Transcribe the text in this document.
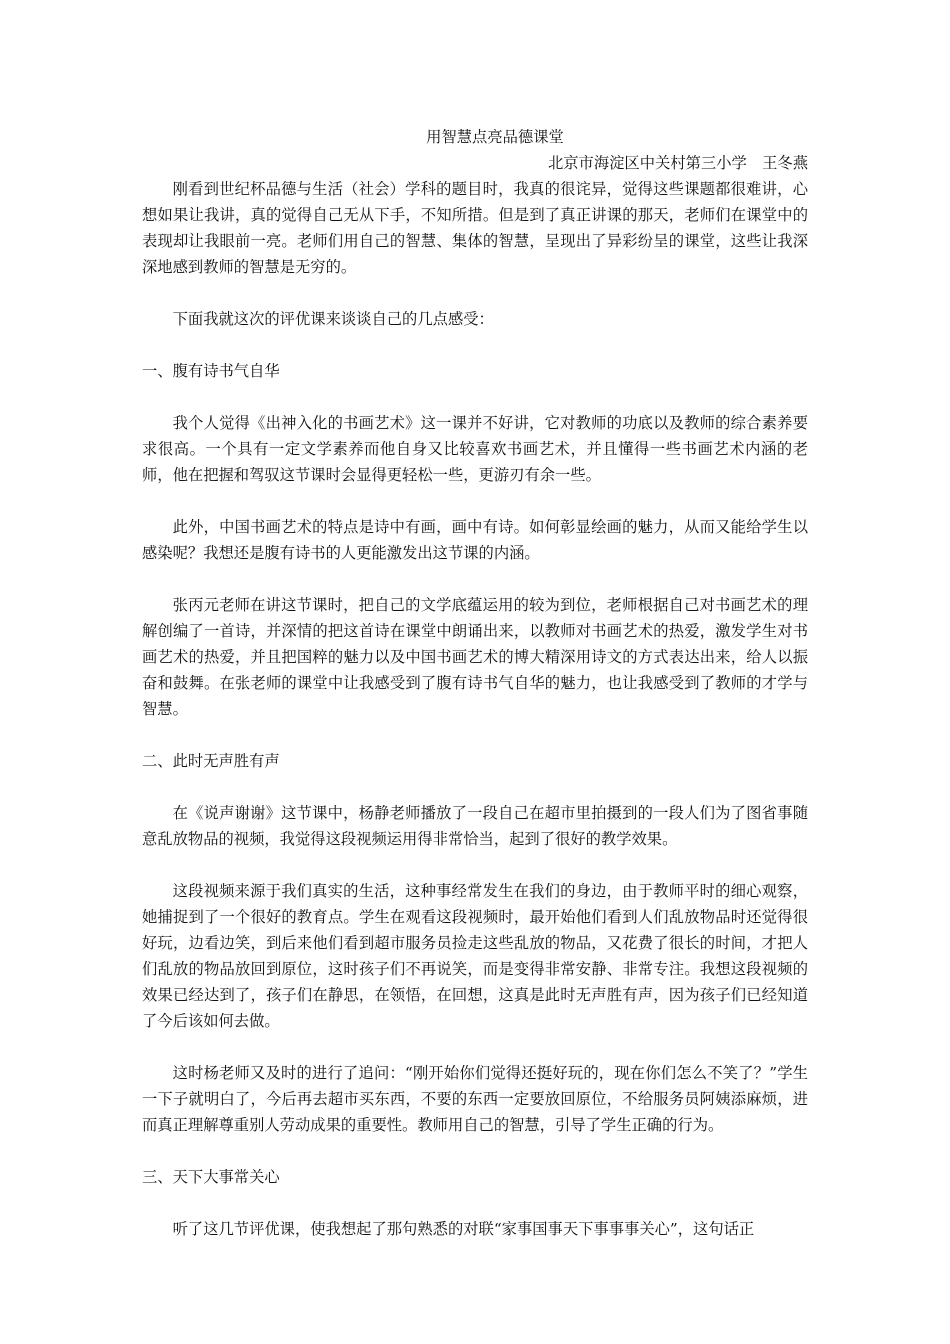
用智慧点亮品德课堂

北京市海淀区中关村第三小学　王冬燕

刚看到世纪杯品德与生活（社会）学科的题目时，我真的很诧异，觉得这些课题都很难讲，心想如果让我讲，真的觉得自己无从下手，不知所措。但是到了真正讲课的那天，老师们在课堂中的表现却让我眼前一亮。老师们用自己的智慧、集体的智慧，呈现出了异彩纷呈的课堂，这些让我深深地感到教师的智慧是无穷的。

下面我就这次的评优课来谈谈自己的几点感受：

一、腹有诗书气自华

我个人觉得《出神入化的书画艺术》这一课并不好讲，它对教师的功底以及教师的综合素养要求很高。一个具有一定文学素养而他自身又比较喜欢书画艺术，并且懂得一些书画艺术内涵的老师，他在把握和驾驭这节课时会显得更轻松一些，更游刃有余一些。

此外，中国书画艺术的特点是诗中有画，画中有诗。如何彰显绘画的魅力，从而又能给学生以感染呢？我想还是腹有诗书的人更能激发出这节课的内涵。

张丙元老师在讲这节课时，把自己的文学底蕴运用的较为到位，老师根据自己对书画艺术的理解创编了一首诗，并深情的把这首诗在课堂中朗诵出来，以教师对书画艺术的热爱，激发学生对书画艺术的热爱，并且把国粹的魅力以及中国书画艺术的博大精深用诗文的方式表达出来，给人以振奋和鼓舞。在张老师的课堂中让我感受到了腹有诗书气自华的魅力，也让我感受到了教师的才学与智慧。

二、此时无声胜有声

在《说声谢谢》这节课中，杨静老师播放了一段自己在超市里拍摄到的一段人们为了图省事随意乱放物品的视频，我觉得这段视频运用得非常恰当，起到了很好的教学效果。

这段视频来源于我们真实的生活，这种事经常发生在我们的身边，由于教师平时的细心观察，她捕捉到了一个很好的教育点。学生在观看这段视频时，最开始他们看到人们乱放物品时还觉得很好玩，边看边笑，到后来他们看到超市服务员捡走这些乱放的物品，又花费了很长的时间，才把人们乱放的物品放回到原位，这时孩子们不再说笑，而是变得非常安静、非常专注。我想这段视频的效果已经达到了，孩子们在静思，在领悟，在回想，这真是此时无声胜有声，因为孩子们已经知道了今后该如何去做。

这时杨老师又及时的进行了追问：“刚开始你们觉得还挺好玩的，现在你们怎么不笑了？”学生一下子就明白了，今后再去超市买东西，不要的东西一定要放回原位，不给服务员阿姨添麻烦，进而真正理解尊重别人劳动成果的重要性。教师用自己的智慧，引导了学生正确的行为。

三、天下大事常关心

听了这几节评优课，使我想起了那句熟悉的对联“家事国事天下事事事关心”，这句话正
